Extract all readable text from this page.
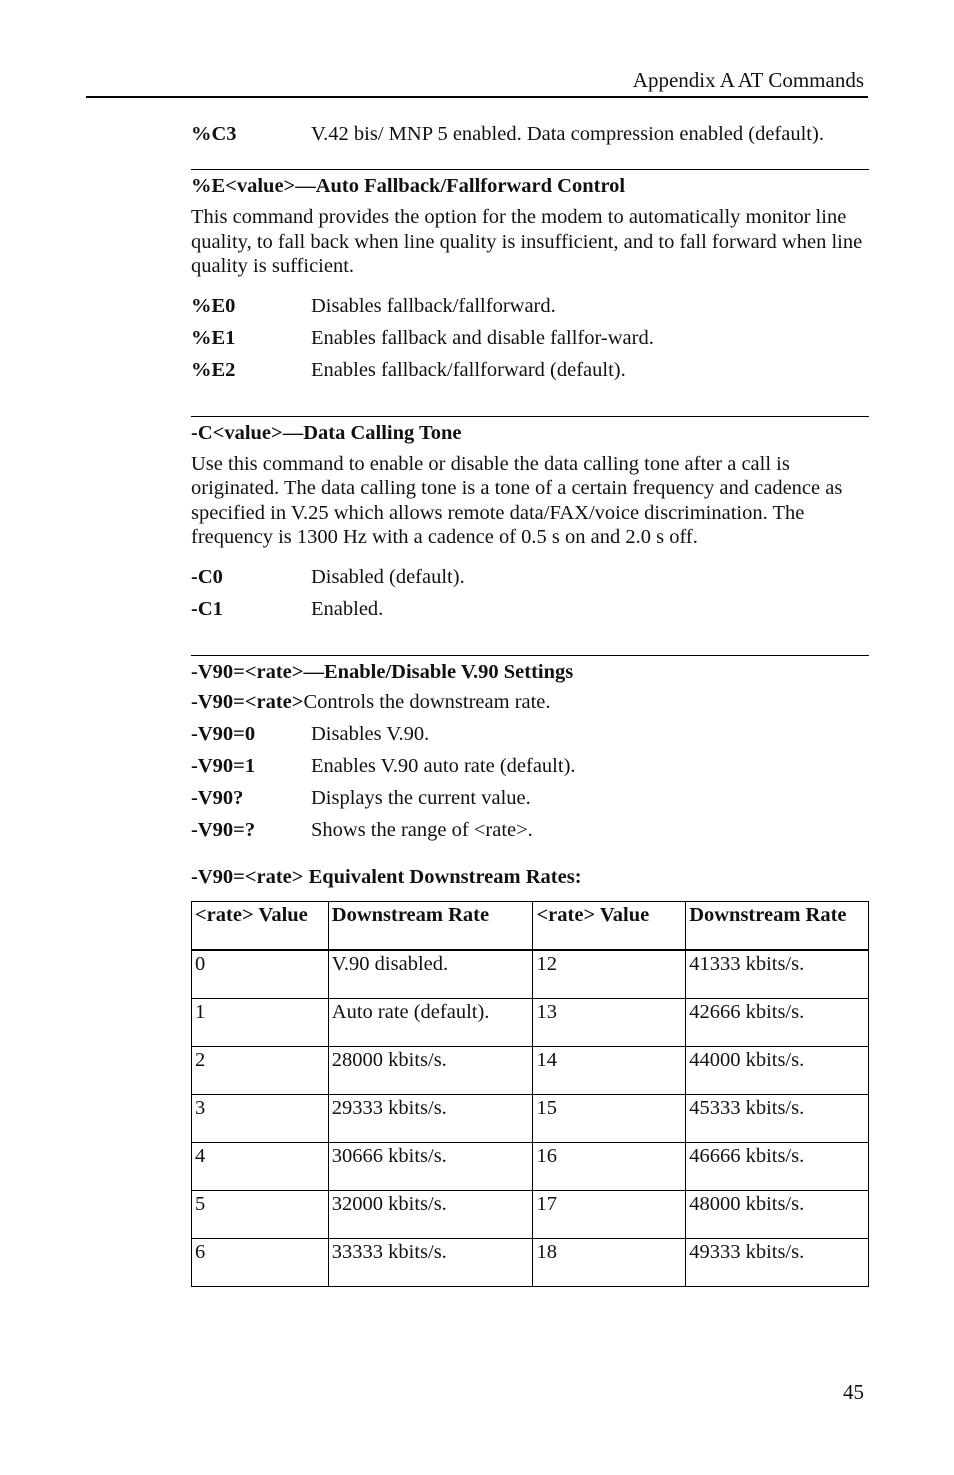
Appendix A AT Commands
%C3	V.42 bis/ MNP 5 enabled. Data compression enabled (default).
%E<value>—Auto Fallback/Fallforward Control
This command provides the option for the modem to automatically monitor line quality, to fall back when line quality is insufficient, and to fall forward when line quality is sufficient.
%E0	Disables fallback/fallforward.
%E1	Enables fallback and disable fallfor-ward.
%E2	Enables fallback/fallforward (default).
-C<value>—Data Calling Tone
Use this command to enable or disable the data calling tone after a call is originated. The data calling tone is a tone of a certain frequency and cadence as specified in V.25 which allows remote data/FAX/voice discrimination. The frequency is 1300 Hz with a cadence of 0.5 s on and 2.0 s off.
-C0	Disabled (default).
-C1	Enabled.
-V90=<rate>—Enable/Disable V.90 Settings
-V90=<rate> Controls the downstream rate.
-V90=0	Disables V.90.
-V90=1	Enables V.90 auto rate (default).
-V90?	Displays the current value.
-V90=?	Shows the range of <rate>.
-V90=<rate> Equivalent Downstream Rates:
<rate> Value	Downstream Rate	<rate> Value	Downstream Rate
0	V.90 disabled.	12	41333 kbits/s.
1	Auto rate (default).	13	42666 kbits/s.
2	28000 kbits/s.	14	44000 kbits/s.
3	29333 kbits/s.	15	45333 kbits/s.
4	30666 kbits/s.	16	46666 kbits/s.
5	32000 kbits/s.	17	48000 kbits/s.
6	33333 kbits/s.	18	49333 kbits/s.
45
